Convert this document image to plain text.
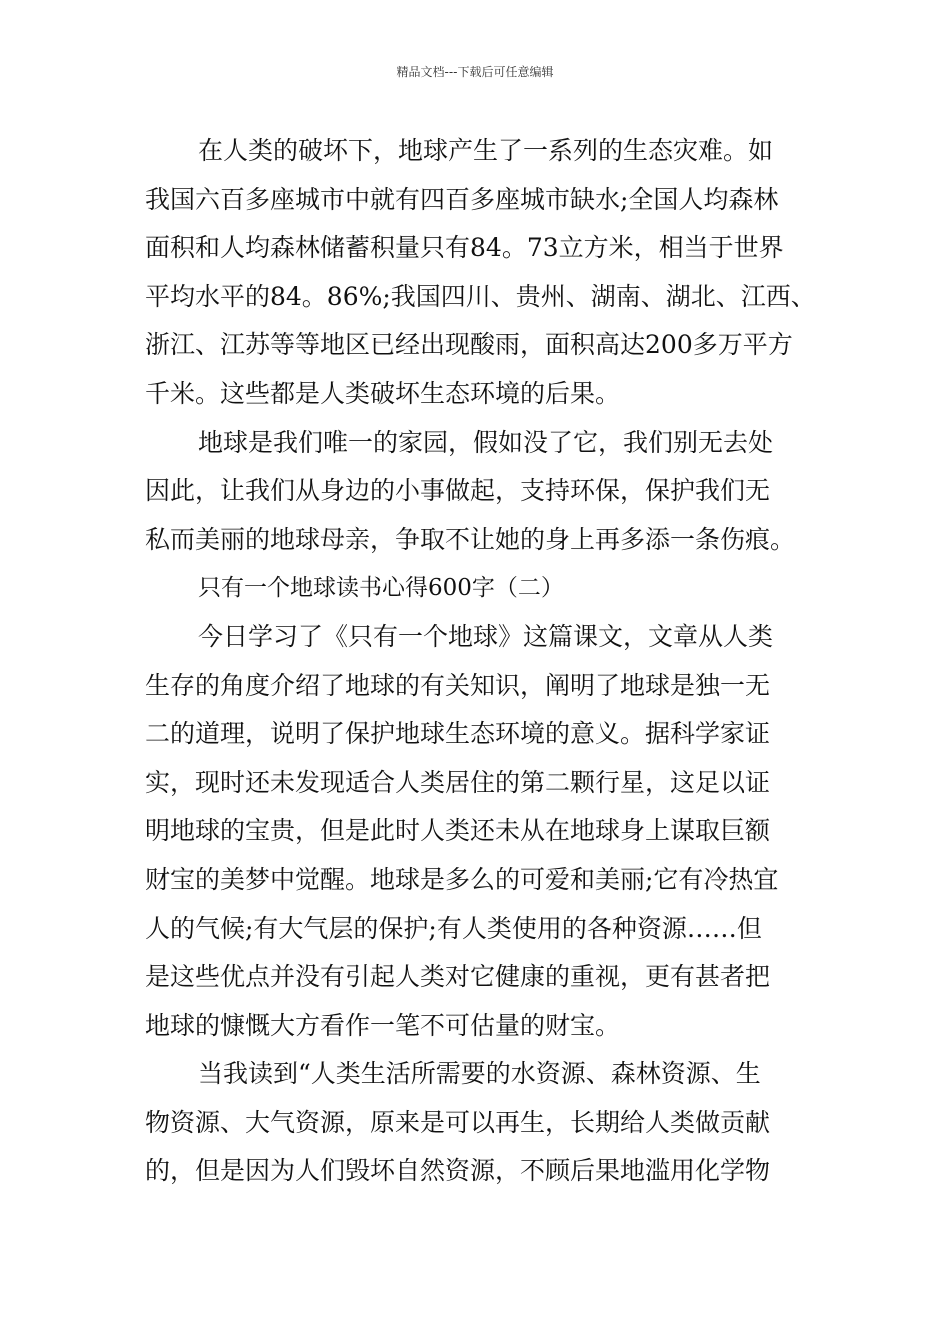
精品文档---下载后可任意编辑
在人类的破坏下，地球产生了一系列的生态灾难。如
我国六百多座城市中就有四百多座城市缺水;全国人均森林
面积和人均森林储蓄积量只有84。73立方米，相当于世界
平均水平的84。86%;我国四川、贵州、湖南、湖北、江西、
浙江、江苏等等地区已经出现酸雨，面积高达200多万平方
千米。这些都是人类破坏生态环境的后果。
地球是我们唯一的家园，假如没了它，我们别无去处
因此，让我们从身边的小事做起，支持环保，保护我们无
私而美丽的地球母亲，争取不让她的身上再多添一条伤痕。
只有一个地球读书心得600字（二）
今日学习了《只有一个地球》这篇课文，文章从人类
生存的角度介绍了地球的有关知识，阐明了地球是独一无
二的道理，说明了保护地球生态环境的意义。据科学家证
实，现时还未发现适合人类居住的第二颗行星，这足以证
明地球的宝贵，但是此时人类还未从在地球身上谋取巨额
财宝的美梦中觉醒。地球是多么的可爱和美丽;它有冷热宜
人的气候;有大气层的保护;有人类使用的各种资源……但
是这些优点并没有引起人类对它健康的重视，更有甚者把
地球的慷慨大方看作一笔不可估量的财宝。
当我读到“人类生活所需要的水资源、森林资源、生
物资源、大气资源，原来是可以再生，长期给人类做贡献
的，但是因为人们毁坏自然资源，不顾后果地滥用化学物
